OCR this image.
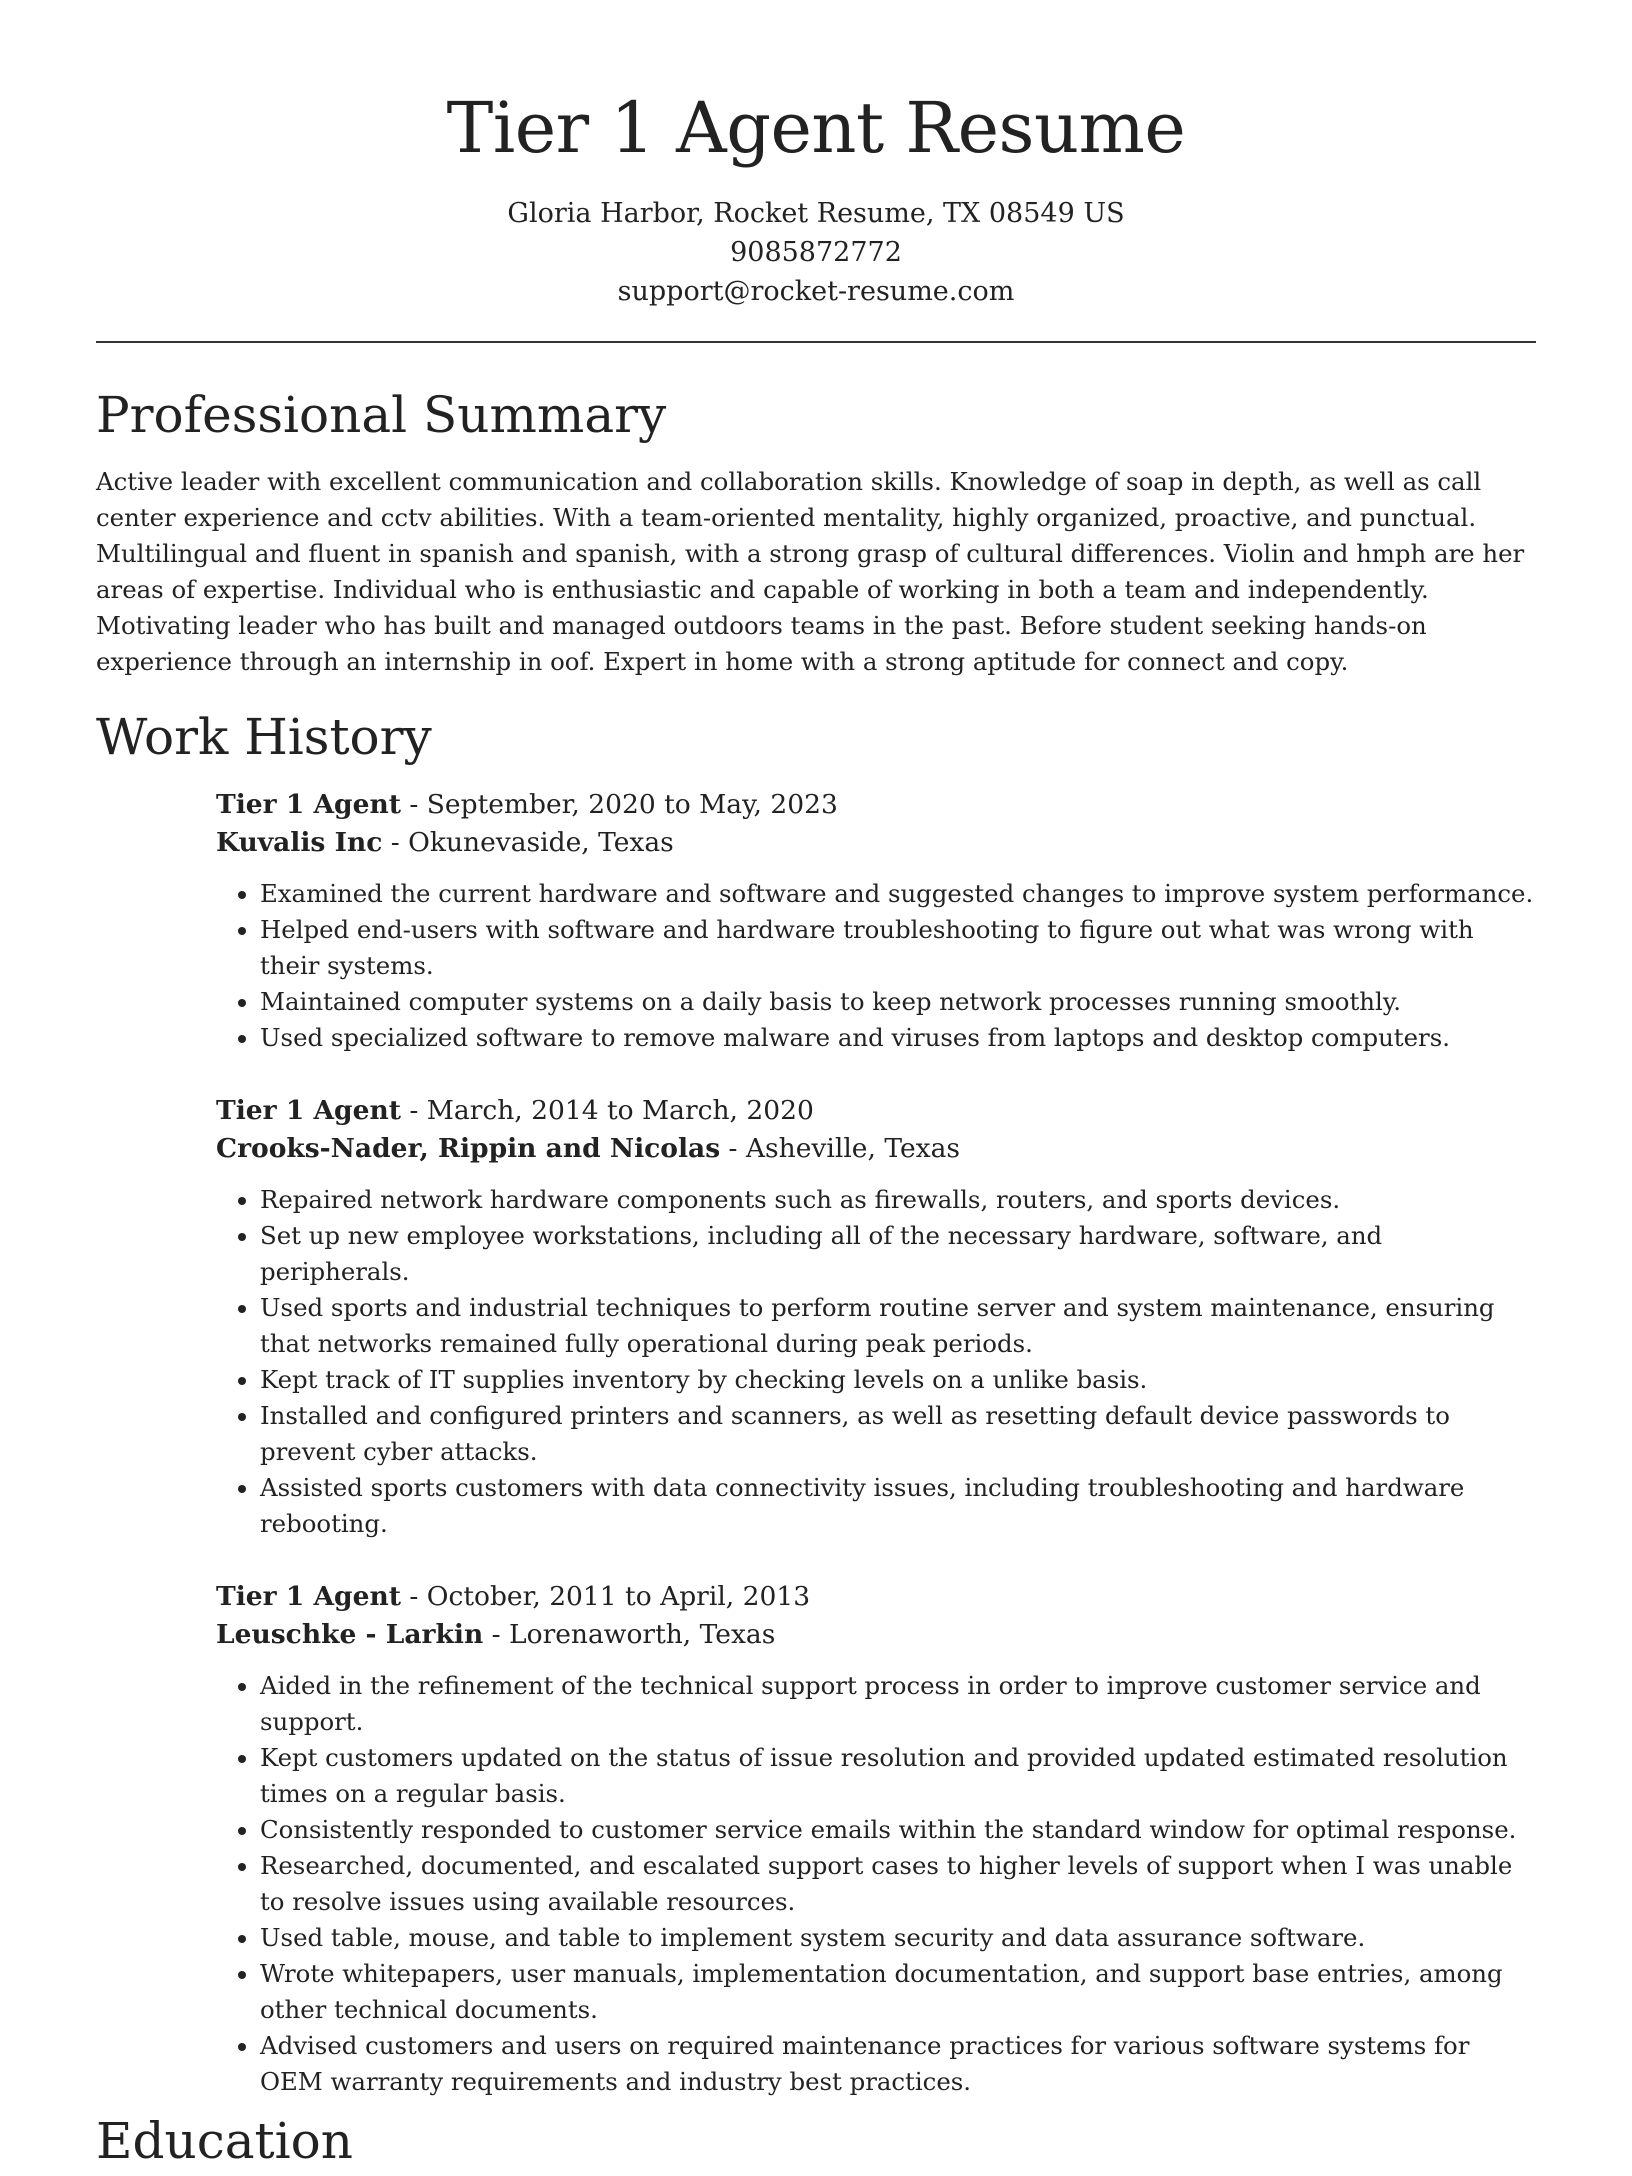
Tier 1 Agent Resume
Gloria Harbor, Rocket Resume, TX 08549 US
9085872772
support@rocket-resume.com
Professional Summary

Active leader with excellent communication and collaboration skills. Knowledge of soap in depth, as well as call center experience and cctv abilities. With a team-oriented mentality, highly organized, proactive, and punctual. Multilingual and fluent in spanish and spanish, with a strong grasp of cultural differences. Violin and hmph are her areas of expertise. Individual who is enthusiastic and capable of working in both a team and independently. Motivating leader who has built and managed outdoors teams in the past. Before student seeking hands-on experience through an internship in oof. Expert in home with a strong aptitude for connect and copy.

Work History
Tier 1 Agent - September, 2020 to May, 2023
Kuvalis Inc - Okunevaside, Texas
• Examined the current hardware and software and suggested changes to improve system performance.
• Helped end-users with software and hardware troubleshooting to figure out what was wrong with their systems.
• Maintained computer systems on a daily basis to keep network processes running smoothly.
• Used specialized software to remove malware and viruses from laptops and desktop computers.
Tier 1 Agent - March, 2014 to March, 2020
Crooks-Nader, Rippin and Nicolas - Asheville, Texas
• Repaired network hardware components such as firewalls, routers, and sports devices.
• Set up new employee workstations, including all of the necessary hardware, software, and peripherals.
• Used sports and industrial techniques to perform routine server and system maintenance, ensuring that networks remained fully operational during peak periods.
• Kept track of IT supplies inventory by checking levels on a unlike basis.
• Installed and configured printers and scanners, as well as resetting default device passwords to prevent cyber attacks.
• Assisted sports customers with data connectivity issues, including troubleshooting and hardware rebooting.
Tier 1 Agent - October, 2011 to April, 2013
Leuschke - Larkin - Lorenaworth, Texas
• Aided in the refinement of the technical support process in order to improve customer service and support.
• Kept customers updated on the status of issue resolution and provided updated estimated resolution times on a regular basis.
• Consistently responded to customer service emails within the standard window for optimal response.
• Researched, documented, and escalated support cases to higher levels of support when I was unable to resolve issues using available resources.
• Used table, mouse, and table to implement system security and data assurance software.
• Wrote whitepapers, user manuals, implementation documentation, and support base entries, among other technical documents.
• Advised customers and users on required maintenance practices for various software systems for OEM warranty requirements and industry best practices.
Education
